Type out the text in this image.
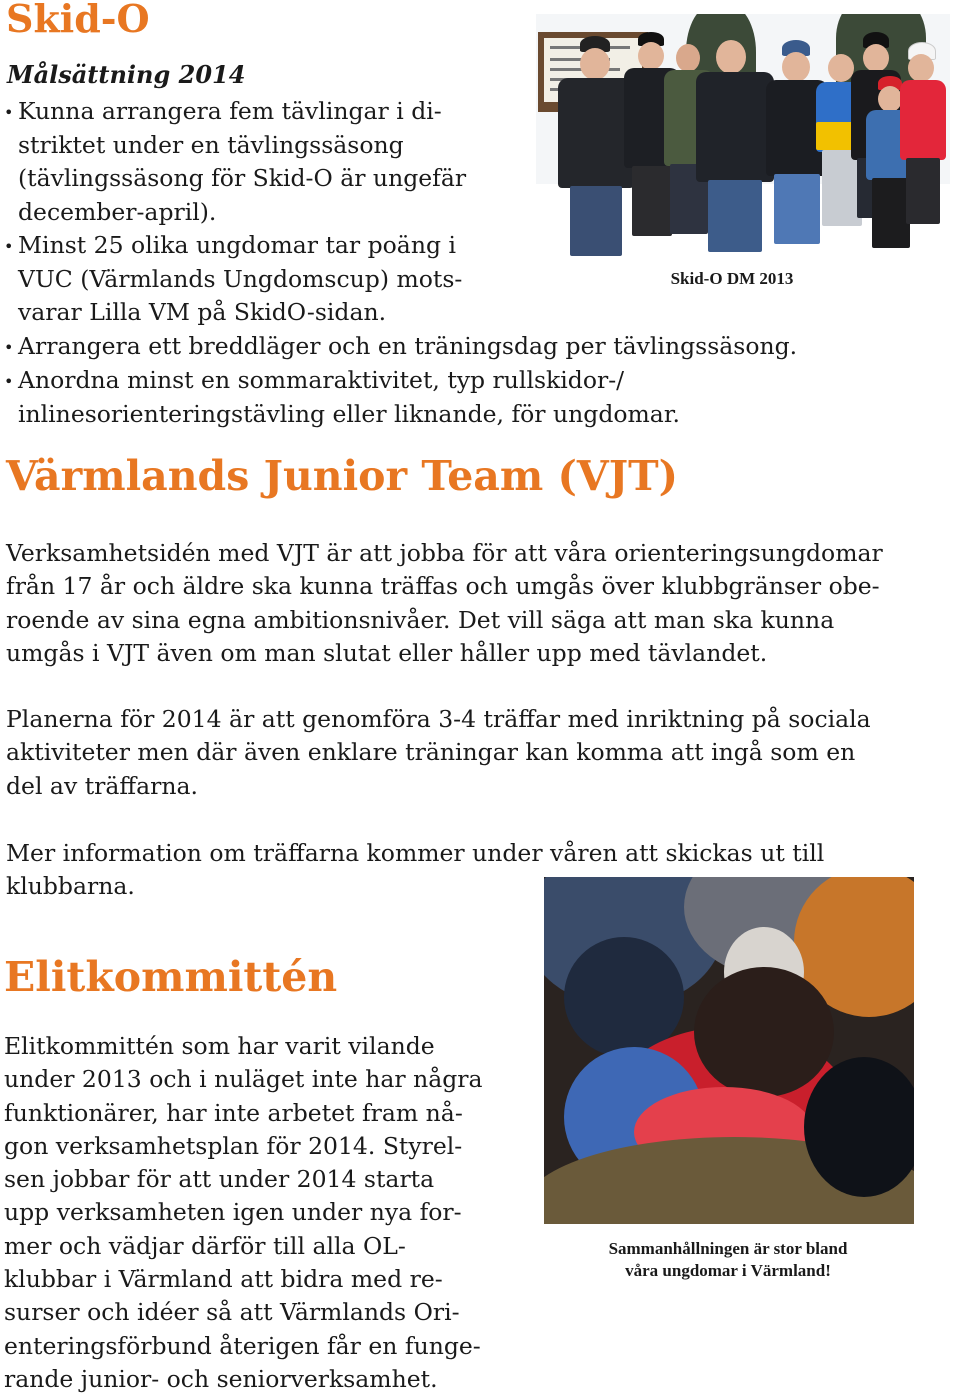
Skid-O
Målsättning 2014
• Kunna arrangera fem tävlingar i di-
striktet under en tävlingssäsong
(tävlingssäsong för Skid-O är ungefär
december-april).
• Minst 25 olika ungdomar tar poäng i
VUC (Värmlands Ungdomscup) mots-
varar Lilla VM på SkidO-sidan.
• Arrangera ett breddläger och en träningsdag per tävlingssäsong.
• Anordna minst en sommaraktivitet, typ rullskidor-/
inlinesorienteringstävling eller liknande, för ungdomar.
Skid-O DM 2013
Värmlands Junior Team (VJT)
Verksamhetsidén med VJT är att jobba för att våra orienteringsungdomar
från 17 år och äldre ska kunna träffas och umgås över klubbgränser obe-
roende av sina egna ambitionsnivåer. Det vill säga att man ska kunna
umgås i VJT även om man slutat eller håller upp med tävlandet.
Planerna för 2014 är att genomföra 3-4 träffar med inriktning på sociala
aktiviteter men där även enklare träningar kan komma att ingå som en
del av träffarna.
Mer information om träffarna kommer under våren att skickas ut till
klubbarna.
Elitkommittén
Elitkommittén som har varit vilande
under 2013 och i nuläget inte har några
funktionärer, har inte arbetet fram nå-
gon verksamhetsplan för 2014. Styrel-
sen jobbar för att under 2014 starta
upp verksamheten igen under nya for-
mer och vädjar därför till alla OL-
klubbar i Värmland att bidra med re-
surser och idéer så att Värmlands Ori-
enteringsförbund återigen får en funge-
rande junior- och seniorverksamhet.
Sammanhållningen är stor bland
våra ungdomar i Värmland!
